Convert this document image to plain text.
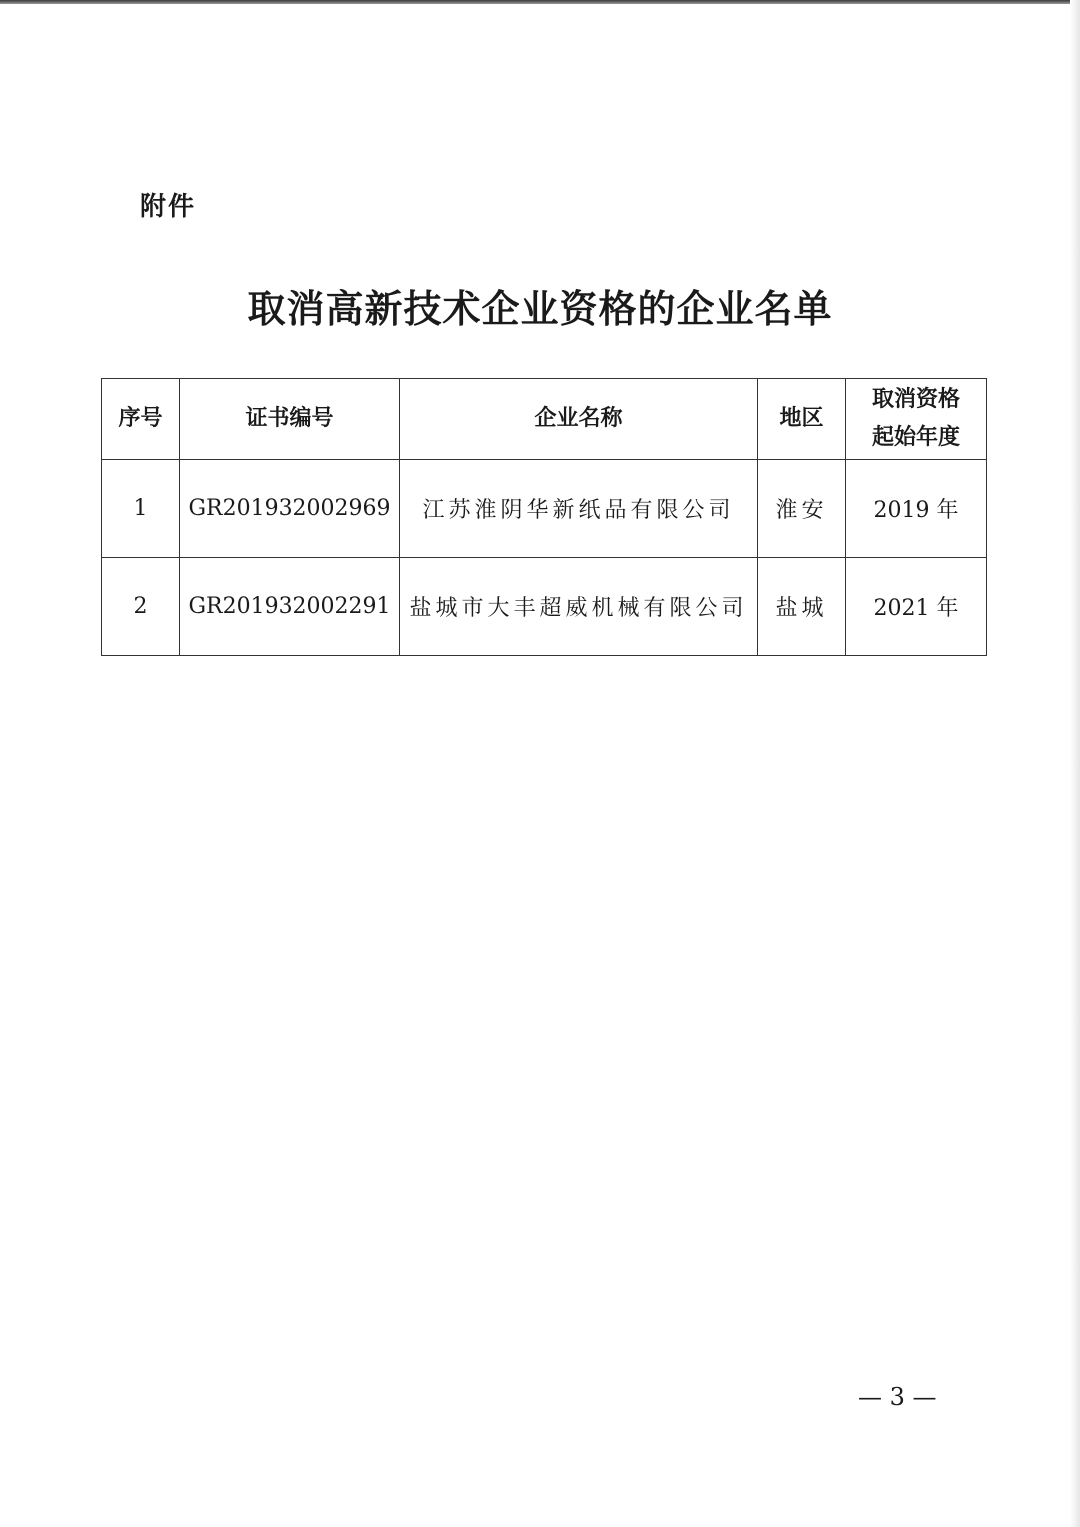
附件
取消高新技术企业资格的企业名单
序号	证书编号	企业名称	地区	取消资格
起始年度

1	GR201932002969	江苏淮阴华新纸品有限公司	淮安	2019 年
2	GR201932002291	盐城市大丰超威机械有限公司	盐城	2021 年
— 3 —
